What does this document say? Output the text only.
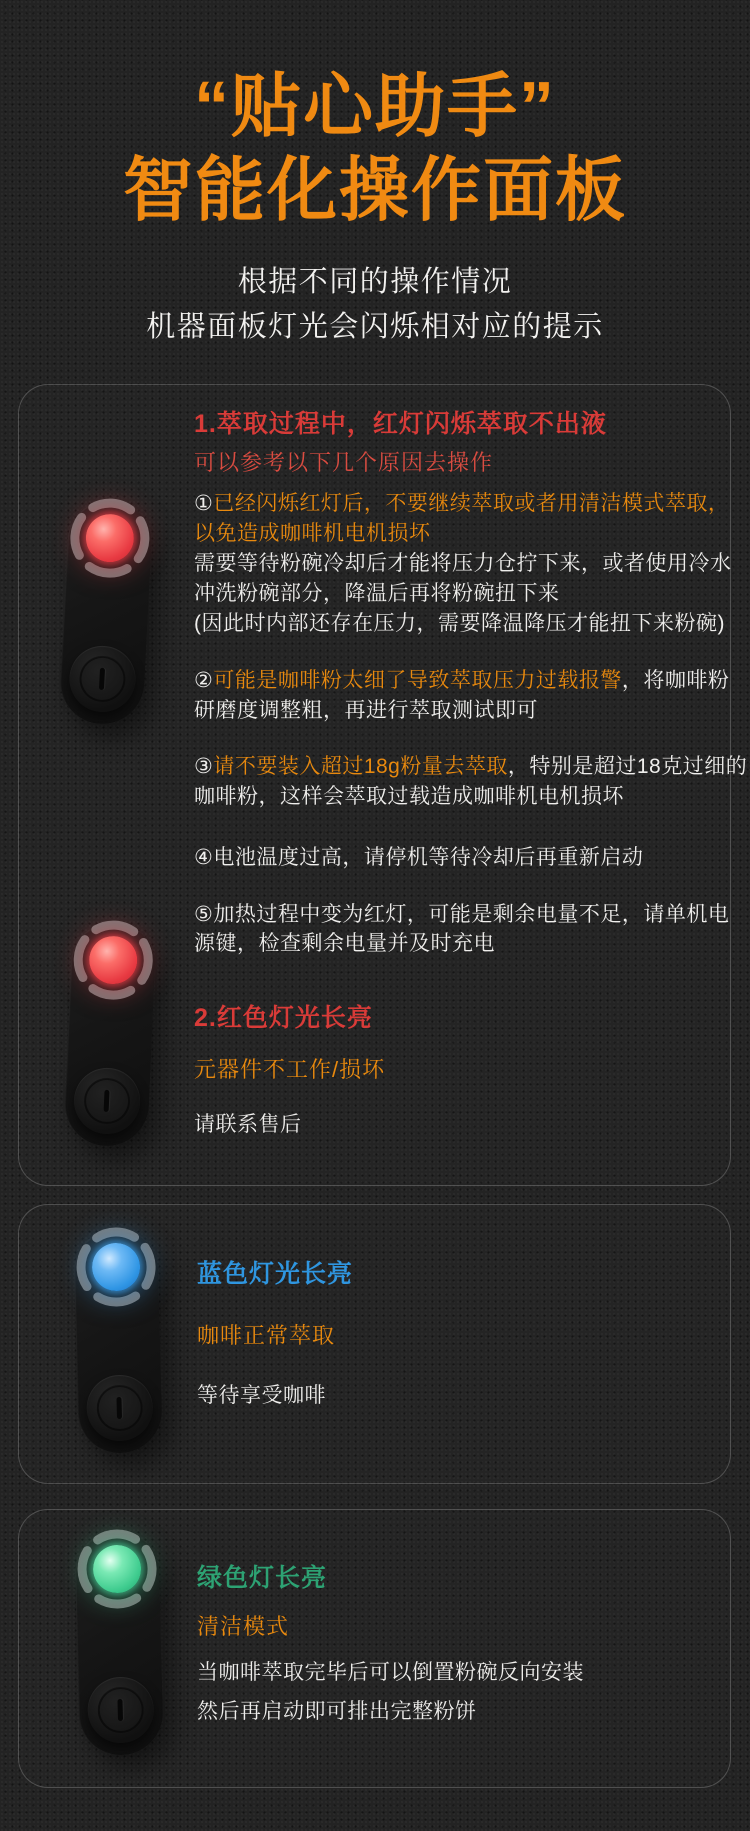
“贴心助手”
智能化操作面板
根据不同的操作情况
机器面板灯光会闪烁相对应的提示
1.萃取过程中，红灯闪烁萃取不出液
可以参考以下几个原因去操作
①已经闪烁红灯后，不要继续萃取或者用清洁模式萃取，
以免造成咖啡机电机损坏
需要等待粉碗冷却后才能将压力仓拧下来，或者使用冷水
冲洗粉碗部分，降温后再将粉碗扭下来
(因此时内部还存在压力，需要降温降压才能扭下来粉碗)
②可能是咖啡粉太细了导致萃取压力过载报警，将咖啡粉
研磨度调整粗，再进行萃取测试即可
③请不要装入超过18g粉量去萃取，特别是超过18克过细的
咖啡粉，这样会萃取过载造成咖啡机电机损坏
④电池温度过高，请停机等待冷却后再重新启动
⑤加热过程中变为红灯，可能是剩余电量不足，请单机电
源键，检查剩余电量并及时充电
2.红色灯光长亮
元器件不工作/损坏
请联系售后
蓝色灯光长亮
咖啡正常萃取
等待享受咖啡
绿色灯长亮
清洁模式
当咖啡萃取完毕后可以倒置粉碗反向安装
然后再启动即可排出完整粉饼
